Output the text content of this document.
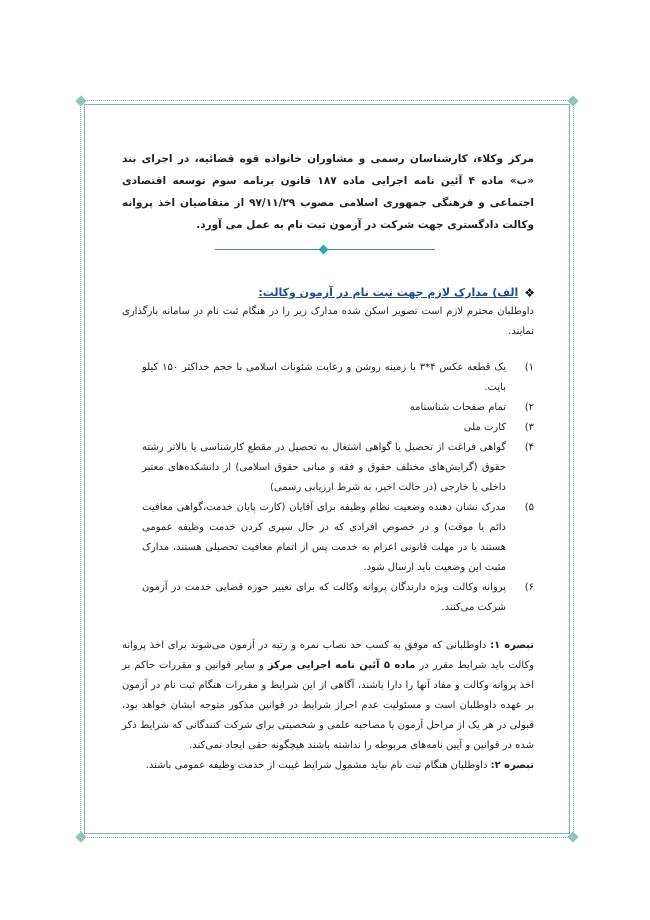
مرکز وکلاء، کارشناسان رسمی و مشاوران خانواده قوه قضائیه، در اجرای بند «ب» ماده ۴ آئین نامه اجرایی ماده ۱۸۷ قانون برنامه سوم توسعه اقتصادی اجتماعی و فرهنگی جمهوری اسلامی مصوب ۹۷/۱۱/۲۹ از متقاضیان اخذ پروانه وکالت دادگستری جهت شرکت در آزمون ثبت نام به عمل می آورد.

❖
الف) مدارک لازم جهت ثبت نام در آزمون وکالت:

داوطلبان محترم لازم است تصویر اسکن شده مدارک زیر را در هنگام ثبت نام در سامانه بارگذاری نمایند.

۱)
یک قطعه عکس ۴*۳ با زمینه روشن و رعایت شئونات اسلامی با حجم حداکثر ۱۵۰ کیلو بایت.
۲)
تمام صفحات شناسنامه
۳)
کارت ملی
۴)
گواهی فراغت از تحصیل یا گواهی اشتغال به تحصیل در مقطع کارشناسی یا بالاتر رشته حقوق (گرایش‌های مختلف حقوق و فقه و مبانی حقوق اسلامی) از دانشکده‌های معتبر داخلی یا خارجی (در حالت اخیر، به شرط ارزیابی رسمی)
۵)
مدرک نشان دهنده وضعیت نظام وظیفه برای آقایان (کارت پایان خدمت،گواهی معافیت دائم یا موقت) و در خصوص افرادی که در حال سپری کردن خدمت وظیفه عمومی هستند یا در مهلت قانونی اعزام به خدمت پس از اتمام معافیت تحصیلی هستند، مدارک مثبت این وضعیت باید ارسال شود.
۶)
پروانه وکالت ویژه دارندگان پروانه وکالت که برای تغییر حوزه قضایی خدمت در آزمون شرکت می‌کنند.
تبصره ۱: داوطلبانی که موفق به کسب حد نصاب نمره و رتبه در آزمون می‌شوند برای اخذ پروانه وکالت باید شرایط مقرر در ماده ۵ آئین نامه اجرایی مرکز و سایر قوانین و مقررات حاکم بر اخذ پروانه وکالت و مفاد آنها را دارا باشند، آگاهی از این شرایط و مقررات هنگام ثبت نام در آزمون بر عهده داوطلبان است و مسئولیت عدم احراز شرایط در قوانین مذکور متوجه ایشان خواهد بود، قبولی در هر یک از مراحل آزمون یا مصاحبه علمی و شخصیتی برای شرکت کنندگانی که شرایط ذکر شده در قوانین و آیین نامه‌های مربوطه را نداشته باشند هیچگونه حقی ایجاد نمی‌کند.
تبصره ۲: داوطلبان هنگام ثبت نام نباید مشمول شرایط غیبت از خدمت وظیفه عمومی باشند.
